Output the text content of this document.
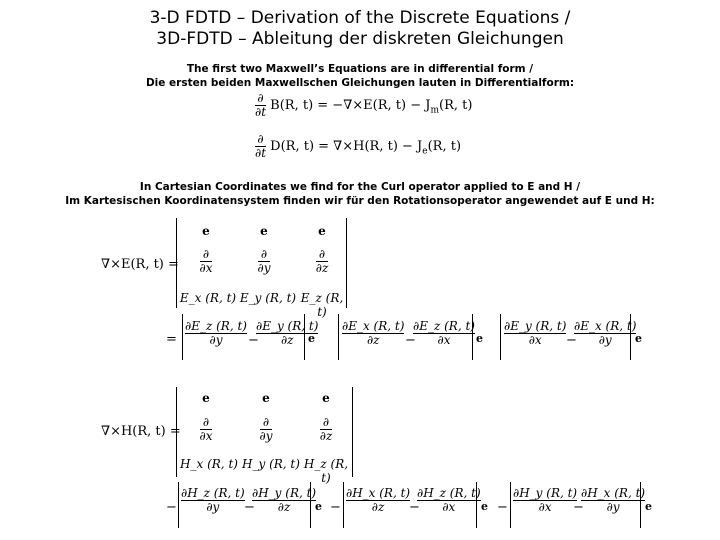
3-D FDTD – Derivation of the Discrete Equations /
3D-FDTD – Ableitung der diskreten Gleichungen
The first two Maxwell’s Equations are in differential form /
Die ersten beiden Maxwellschen Gleichungen lauten in Differentialform:
$\frac{\partial}{\partial t} B(R$, t) = −∇×E(R, $t) - J_m(R$, t)
$\frac{\partial}{\partial t} D(R$, t) = ∇×H(R, $t) - J_e(R$, t)
In Cartesian Coordinates we find for the Curl operator applied to E and H /
Im Kartesischen Koordinatensystem finden wir für den Rotationsoperator angewendet auf E und H:
∇×E(R, t) =
e	e	e
$\frac{\partial}{\partial x}$	$\frac{\partial}{\partial y}$	$\frac{\partial}{\partial z}$
E_x (R, t) E_y (R, t) E_z (R, t)
= $\frac{\partial E\_z (R, t)}{\partial y}$ −
$\frac{\partial E\_y (R, t)}{\partial z}$
e $\frac{\partial E\_x (R, t)}{\partial z}$ −
$\frac{\partial E\_z (R, t)}{\partial x}$ e $\frac{\partial E\_y (R, t)}{\partial x}$ −
$\frac{\partial E\_x (R, t)}{\partial y}$
e
∇×H(R, t) =
e	e	e
$\frac{\partial}{\partial x}$	$\frac{\partial}{\partial y}$	$\frac{\partial}{\partial z}$
H_x (R, t) H_y (R, t) H_z (R, t)
− $\frac{\partial H\_z (R, t)}{\partial y}$ −
$\frac{\partial H\_y (R, t)}{\partial z}$
$e - \frac{\partial H\_x (R, t)}{\partial z}$
−
$\frac{\partial H\_z (R, t)}{\partial x}$ $e - \frac{\partial H\_y (R, t)}{\partial x}$
−
$\frac{\partial H\_x (R, t)}{\partial y}$ e
